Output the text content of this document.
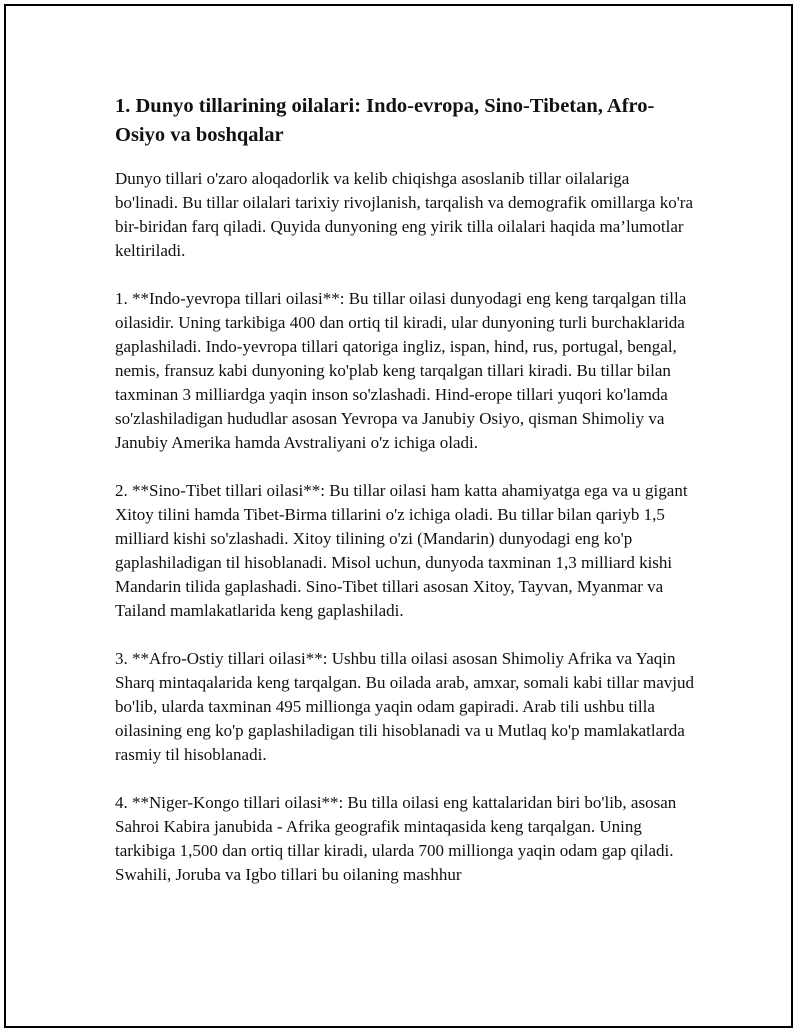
1. Dunyo tillarining oilalari: Indo-evropa, Sino-Tibetan, Afro-Osiyo va boshqalar

Dunyo tillari o'zaro aloqadorlik va kelib chiqishga asoslanib tillar oilalariga bo'linadi. Bu tillar oilalari tarixiy rivojlanish, tarqalish va demografik omillarga ko'ra bir-biridan farq qiladi. Quyida dunyoning eng yirik tilla oilalari haqida ma’lumotlar keltiriladi.

1. **Indo-yevropa tillari oilasi**: Bu tillar oilasi dunyodagi eng keng tarqalgan tilla oilasidir. Uning tarkibiga 400 dan ortiq til kiradi, ular dunyoning turli burchaklarida gaplashiladi. Indo-yevropa tillari qatoriga ingliz, ispan, hind, rus, portugal, bengal, nemis, fransuz kabi dunyoning ko'plab keng tarqalgan tillari kiradi. Bu tillar bilan taxminan 3 milliardga yaqin inson so'zlashadi. Hind-erope tillari yuqori ko'lamda so'zlashiladigan hududlar asosan Yevropa va Janubiy Osiyo, qisman Shimoliy va Janubiy Amerika hamda Avstraliyani o'z ichiga oladi.

2. **Sino-Tibet tillari oilasi**: Bu tillar oilasi ham katta ahamiyatga ega va u gigant Xitoy tilini hamda Tibet-Birma tillarini o'z ichiga oladi. Bu tillar bilan qariyb 1,5 milliard kishi so'zlashadi. Xitoy tilining o'zi (Mandarin) dunyodagi eng ko'p gaplashiladigan til hisoblanadi. Misol uchun, dunyoda taxminan 1,3 milliard kishi Mandarin tilida gaplashadi. Sino-Tibet tillari asosan Xitoy, Tayvan, Myanmar va Tailand mamlakatlarida keng gaplashiladi.

3. **Afro-Ostiy tillari oilasi**: Ushbu tilla oilasi asosan Shimoliy Afrika va Yaqin Sharq mintaqalarida keng tarqalgan. Bu oilada arab, amxar, somali kabi tillar mavjud bo'lib, ularda taxminan 495 millionga yaqin odam gapiradi. Arab tili ushbu tilla oilasining eng ko'p gaplashiladigan tili hisoblanadi va u Mutlaq ko'p mamlakatlarda rasmiy til hisoblanadi.

4. **Niger-Kongo tillari oilasi**: Bu tilla oilasi eng kattalaridan biri bo'lib, asosan Sahroi Kabira janubida - Afrika geografik mintaqasida keng tarqalgan. Uning tarkibiga 1,500 dan ortiq tillar kiradi, ularda 700 millionga yaqin odam gap qiladi. Swahili, Joruba va Igbo tillari bu oilaning mashhur
